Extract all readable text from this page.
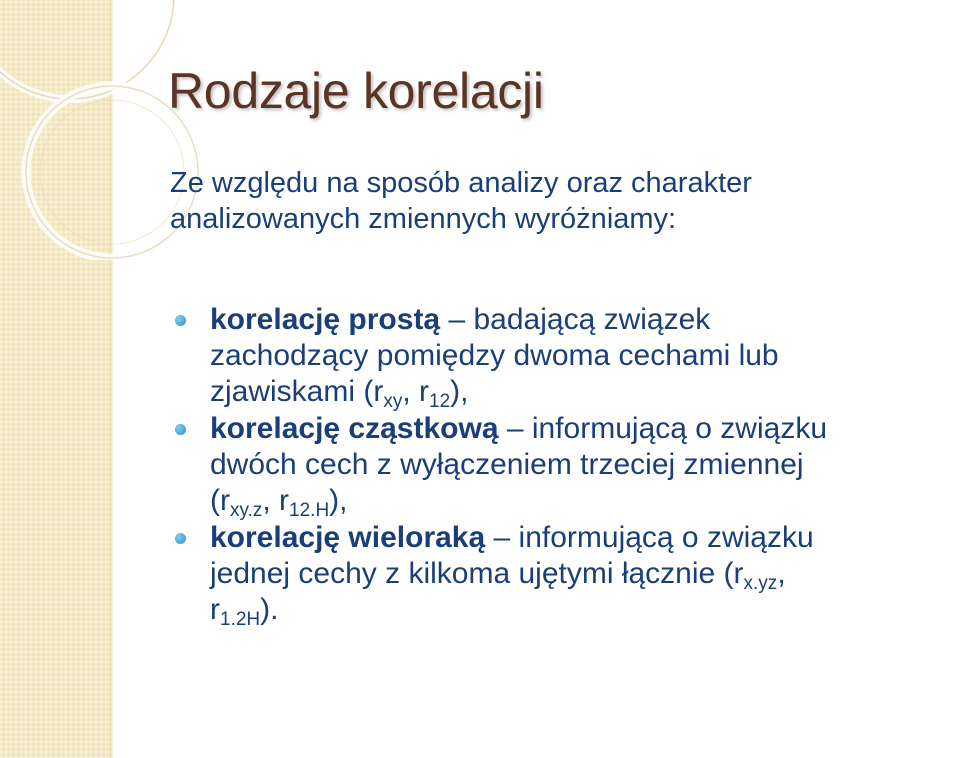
Rodzaje korelacji
Ze względu na sposób analizy oraz charakter
analizowanych zmiennych wyróżniamy:
korelację prostą – badającą związek
zachodzący pomiędzy dwoma cechami lub
zjawiskami ($r_{xy}$, $r_{12}$),
korelację cząstkową – informującą o związku
dwóch cech z wyłączeniem trzeciej zmiennej
($r_{xy.z}$, $r_{12.H}$),
korelację wieloraką – informującą o związku
jednej cechy z kilkoma ujętymi łącznie ($r_{x.yz}$,
$r_{1.2H}$).
